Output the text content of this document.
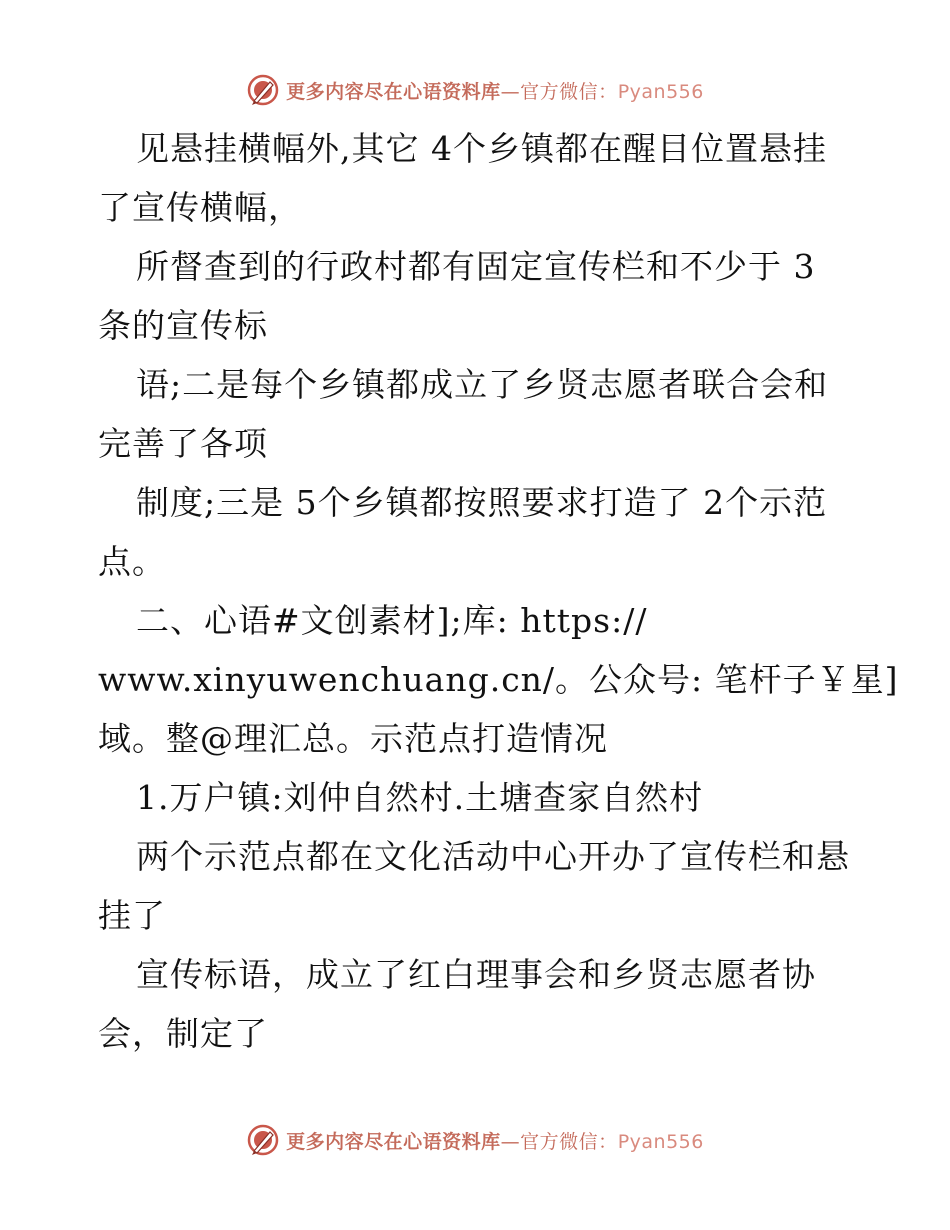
更多内容尽在心语资料库—官方微信：Pyan556
见悬挂横幅外,其它 4个乡镇都在醒目位置悬挂
了宣传横幅，
所督查到的行政村都有固定宣传栏和不少于 3
条的宣传标
语;二是每个乡镇都成立了乡贤志愿者联合会和
完善了各项
制度;三是 5个乡镇都按照要求打造了 2个示范
点。
二、心语#文创素材];库: https://
www.xinyuwenchuang.cn/。公众号: 笔杆子￥星]
域。整@理汇总。示范点打造情况
1.万户镇:刘仲自然村.土塘查家自然村
两个示范点都在文化活动中心开办了宣传栏和悬
挂了
宣传标语，成立了红白理事会和乡贤志愿者协
会，制定了
更多内容尽在心语资料库—官方微信：Pyan556
